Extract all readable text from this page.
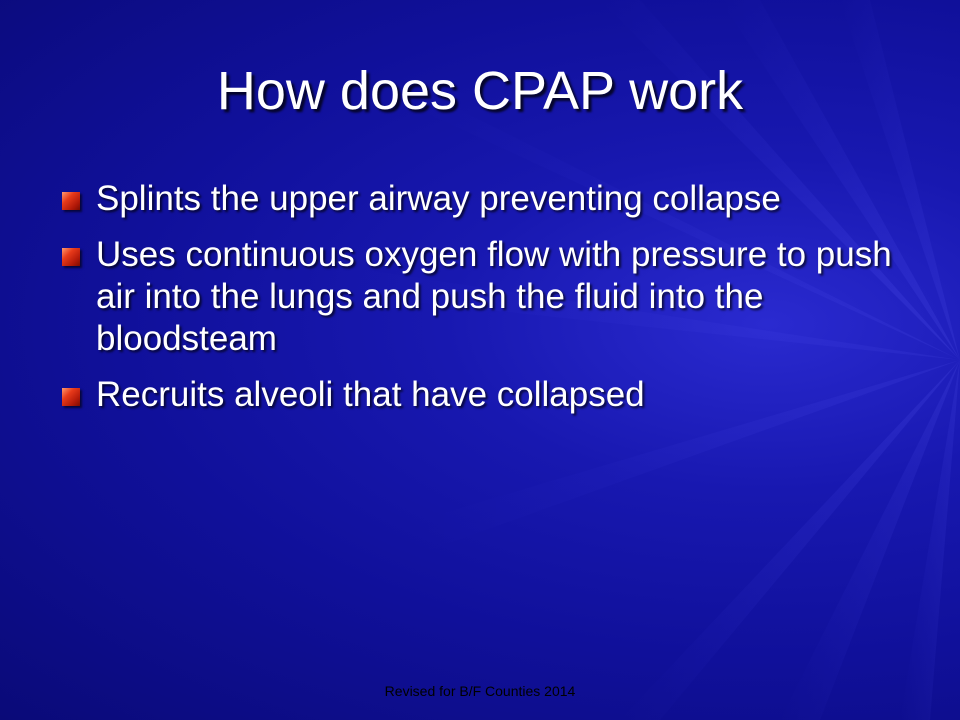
How does CPAP work
Splints the upper airway preventing collapse
Uses continuous oxygen flow with pressure to push air into the lungs and push the fluid into the bloodsteam
Recruits alveoli that have collapsed
Revised for B/F Counties 2014
